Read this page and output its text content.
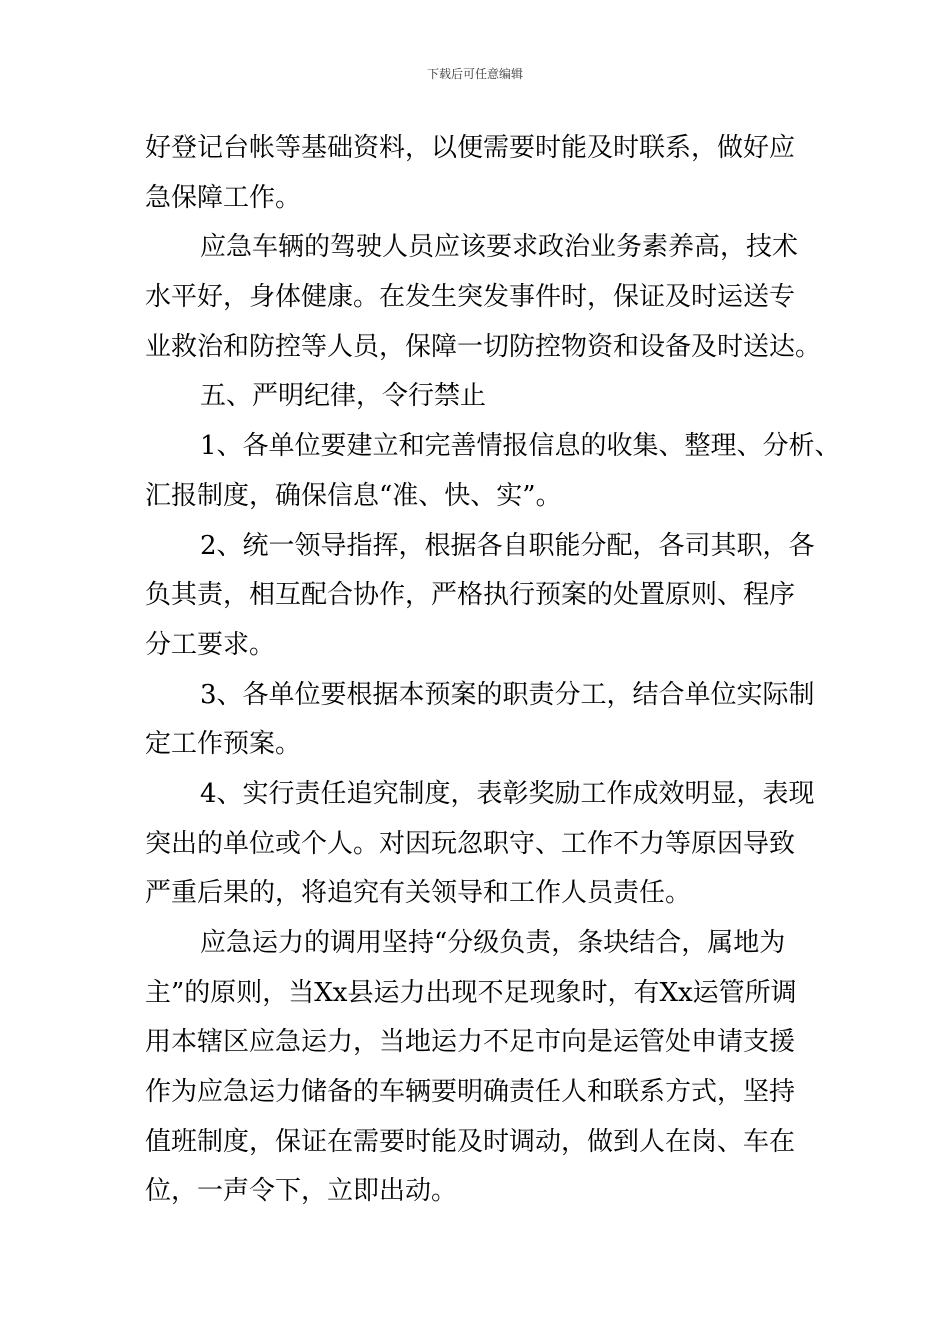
下载后可任意编辑

好登记台帐等基础资料，以便需要时能及时联系，做好应
急保障工作。

应急车辆的驾驶人员应该要求政治业务素养高，技术
水平好，身体健康。在发生突发事件时，保证及时运送专
业救治和防控等人员，保障一切防控物资和设备及时送达。

五、严明纪律，令行禁止

1、各单位要建立和完善情报信息的收集、整理、分析、
汇报制度，确保信息“准、快、实”。

2、统一领导指挥，根据各自职能分配，各司其职，各
负其责，相互配合协作，严格执行预案的处置原则、程序
分工要求。

3、各单位要根据本预案的职责分工，结合单位实际制
定工作预案。

4、实行责任追究制度，表彰奖励工作成效明显，表现
突出的单位或个人。对因玩忽职守、工作不力等原因导致
严重后果的，将追究有关领导和工作人员责任。

应急运力的调用坚持“分级负责，条块结合，属地为
主”的原则，当Xx县运力出现不足现象时，有Xx运管所调
用本辖区应急运力，当地运力不足市向是运管处申请支援
作为应急运力储备的车辆要明确责任人和联系方式，坚持
值班制度，保证在需要时能及时调动，做到人在岗、车在
位，一声令下，立即出动。
